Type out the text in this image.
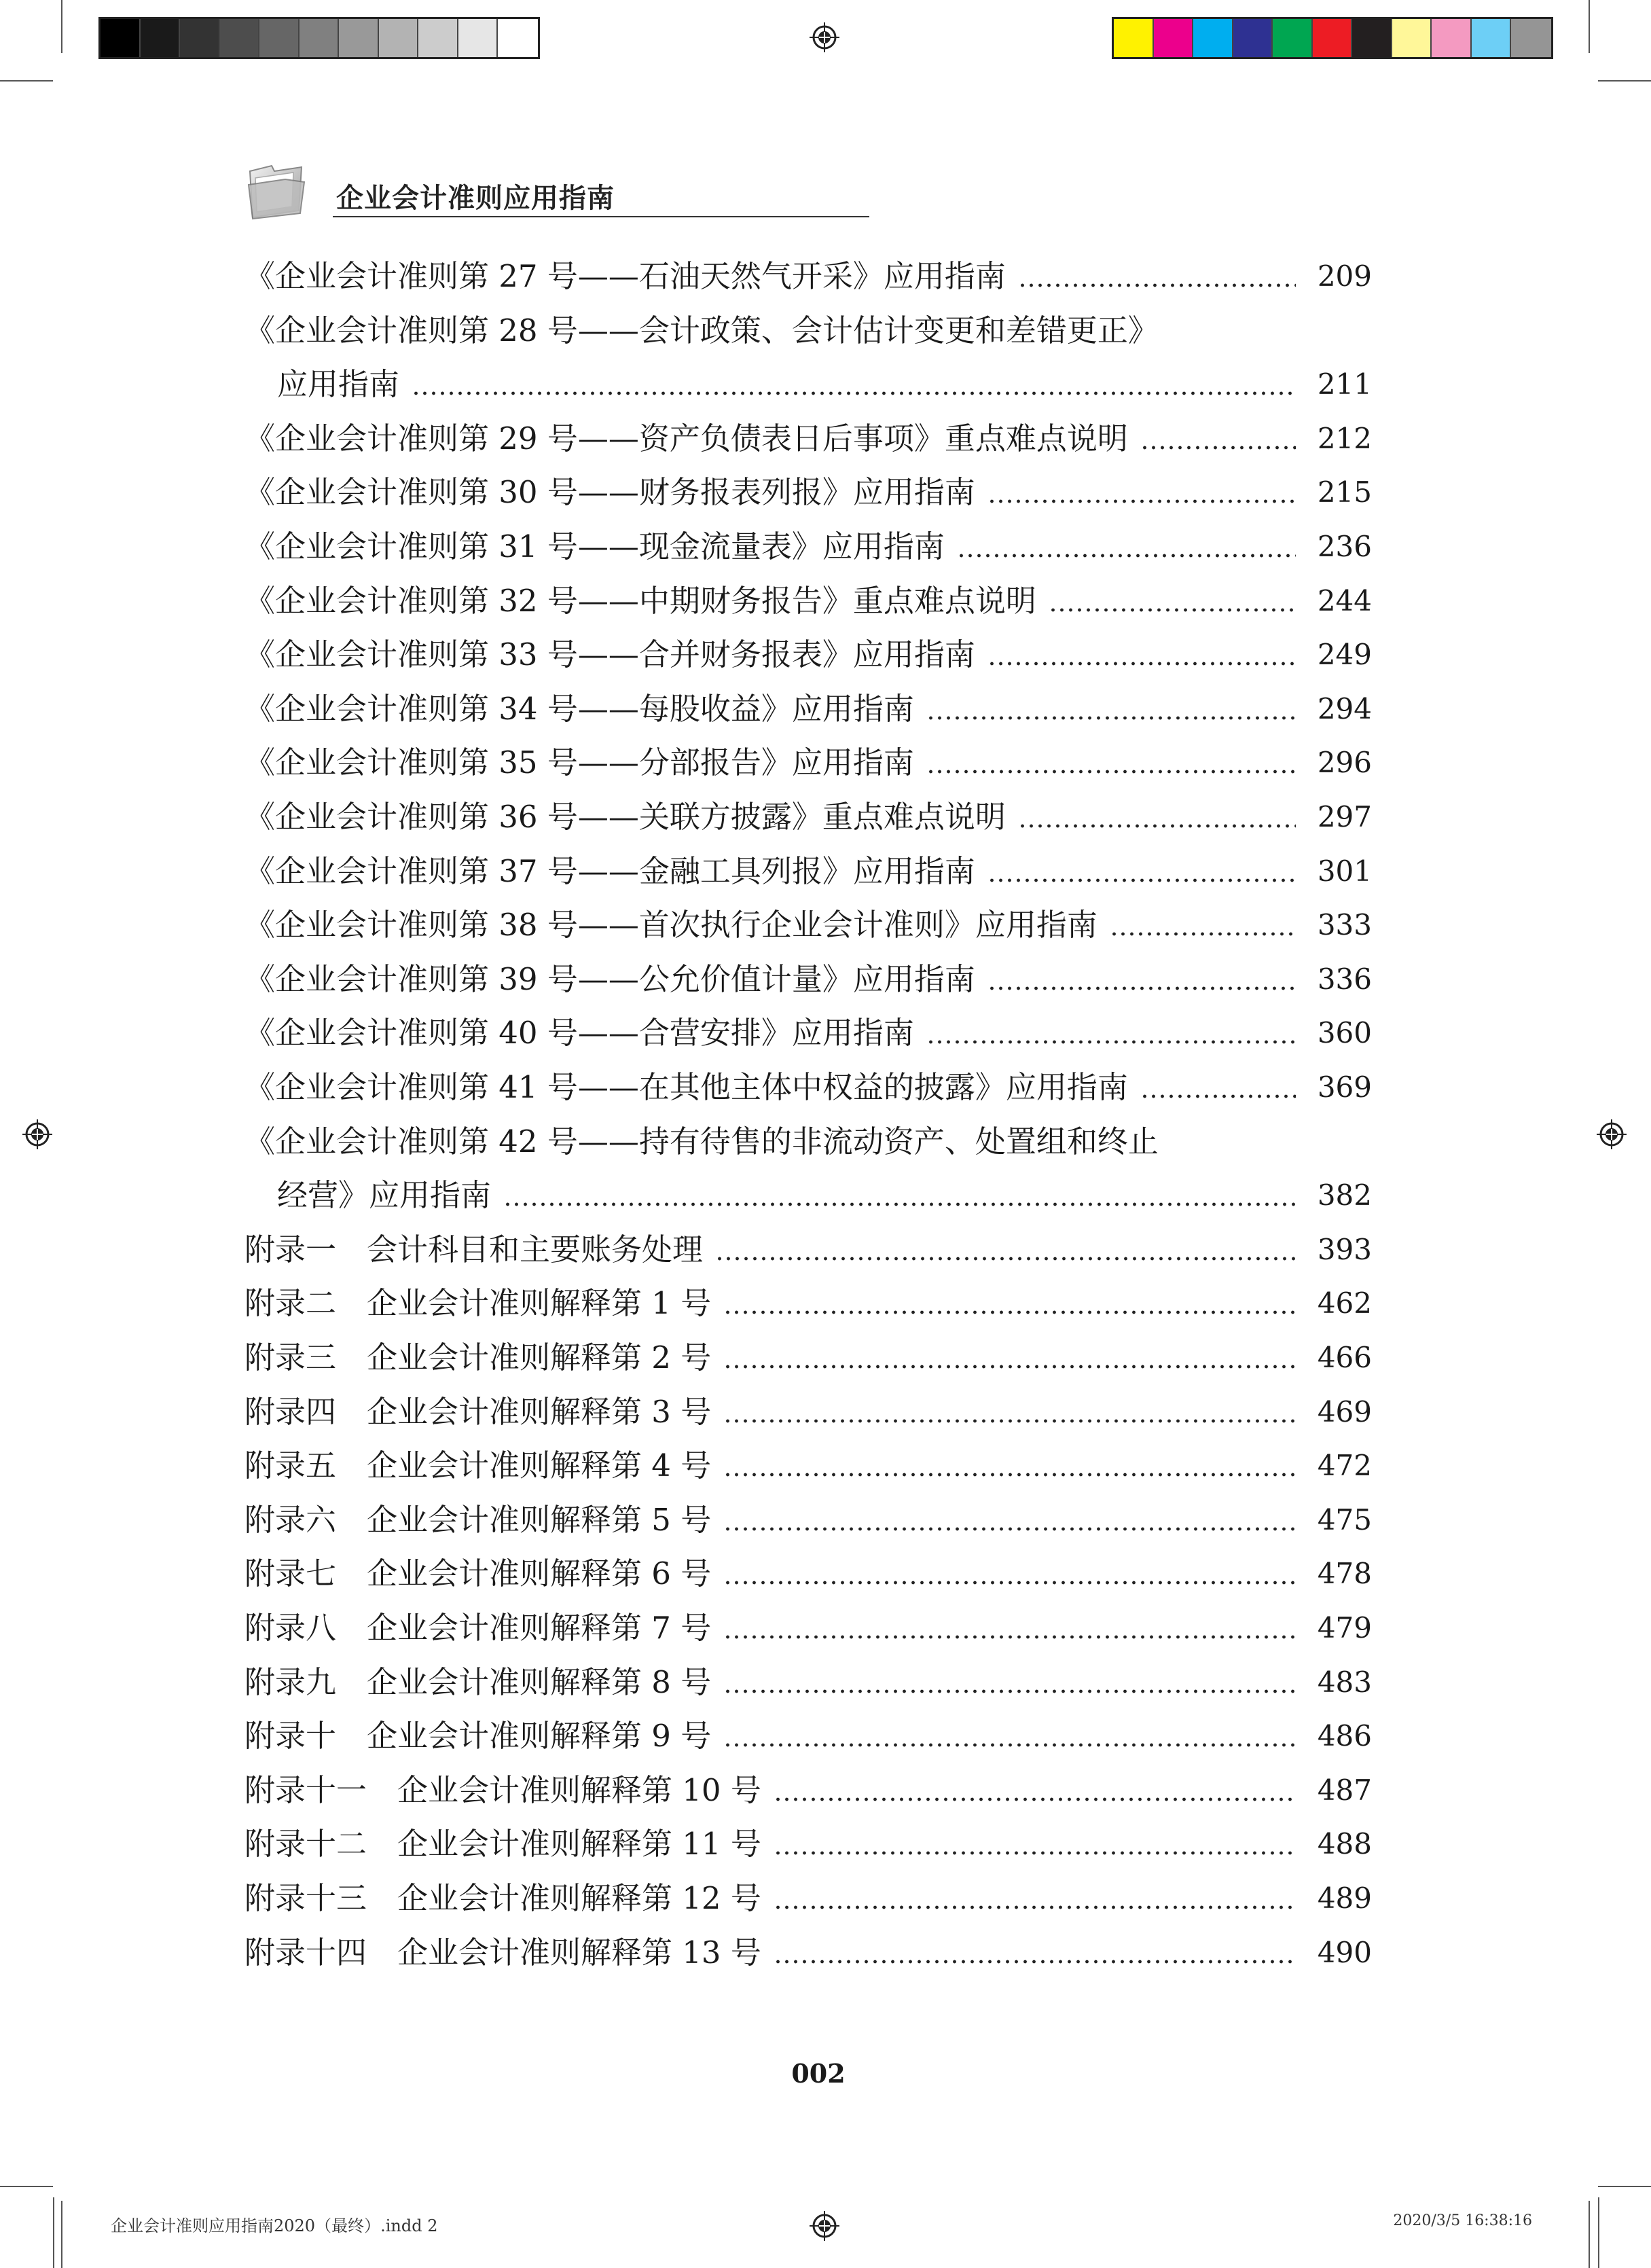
企业会计准则应用指南
《企业会计准则第 27 号——石油天然气开采》应用指南	209
《企业会计准则第 28 号——会计政策、会计估计变更和差错更正》
应用指南	211
《企业会计准则第 29 号——资产负债表日后事项》重点难点说明	212
《企业会计准则第 30 号——财务报表列报》应用指南	215
《企业会计准则第 31 号——现金流量表》应用指南	236
《企业会计准则第 32 号——中期财务报告》重点难点说明	244
《企业会计准则第 33 号——合并财务报表》应用指南	249
《企业会计准则第 34 号——每股收益》应用指南	294
《企业会计准则第 35 号——分部报告》应用指南	296
《企业会计准则第 36 号——关联方披露》重点难点说明	297
《企业会计准则第 37 号——金融工具列报》应用指南	301
《企业会计准则第 38 号——首次执行企业会计准则》应用指南	333
《企业会计准则第 39 号——公允价值计量》应用指南	336
《企业会计准则第 40 号——合营安排》应用指南	360
《企业会计准则第 41 号——在其他主体中权益的披露》应用指南	369
《企业会计准则第 42 号——持有待售的非流动资产、处置组和终止
经营》应用指南	382
附录一　会计科目和主要账务处理	393
附录二　企业会计准则解释第 1 号	462
附录三　企业会计准则解释第 2 号	466
附录四　企业会计准则解释第 3 号	469
附录五　企业会计准则解释第 4 号	472
附录六　企业会计准则解释第 5 号	475
附录七　企业会计准则解释第 6 号	478
附录八　企业会计准则解释第 7 号	479
附录九　企业会计准则解释第 8 号	483
附录十　企业会计准则解释第 9 号	486
附录十一　企业会计准则解释第 10 号	487
附录十二　企业会计准则解释第 11 号	488
附录十三　企业会计准则解释第 12 号	489
附录十四　企业会计准则解释第 13 号	490
002
企业会计准则应用指南2020（最终）.indd 2	2020/3/5 16:38:16
